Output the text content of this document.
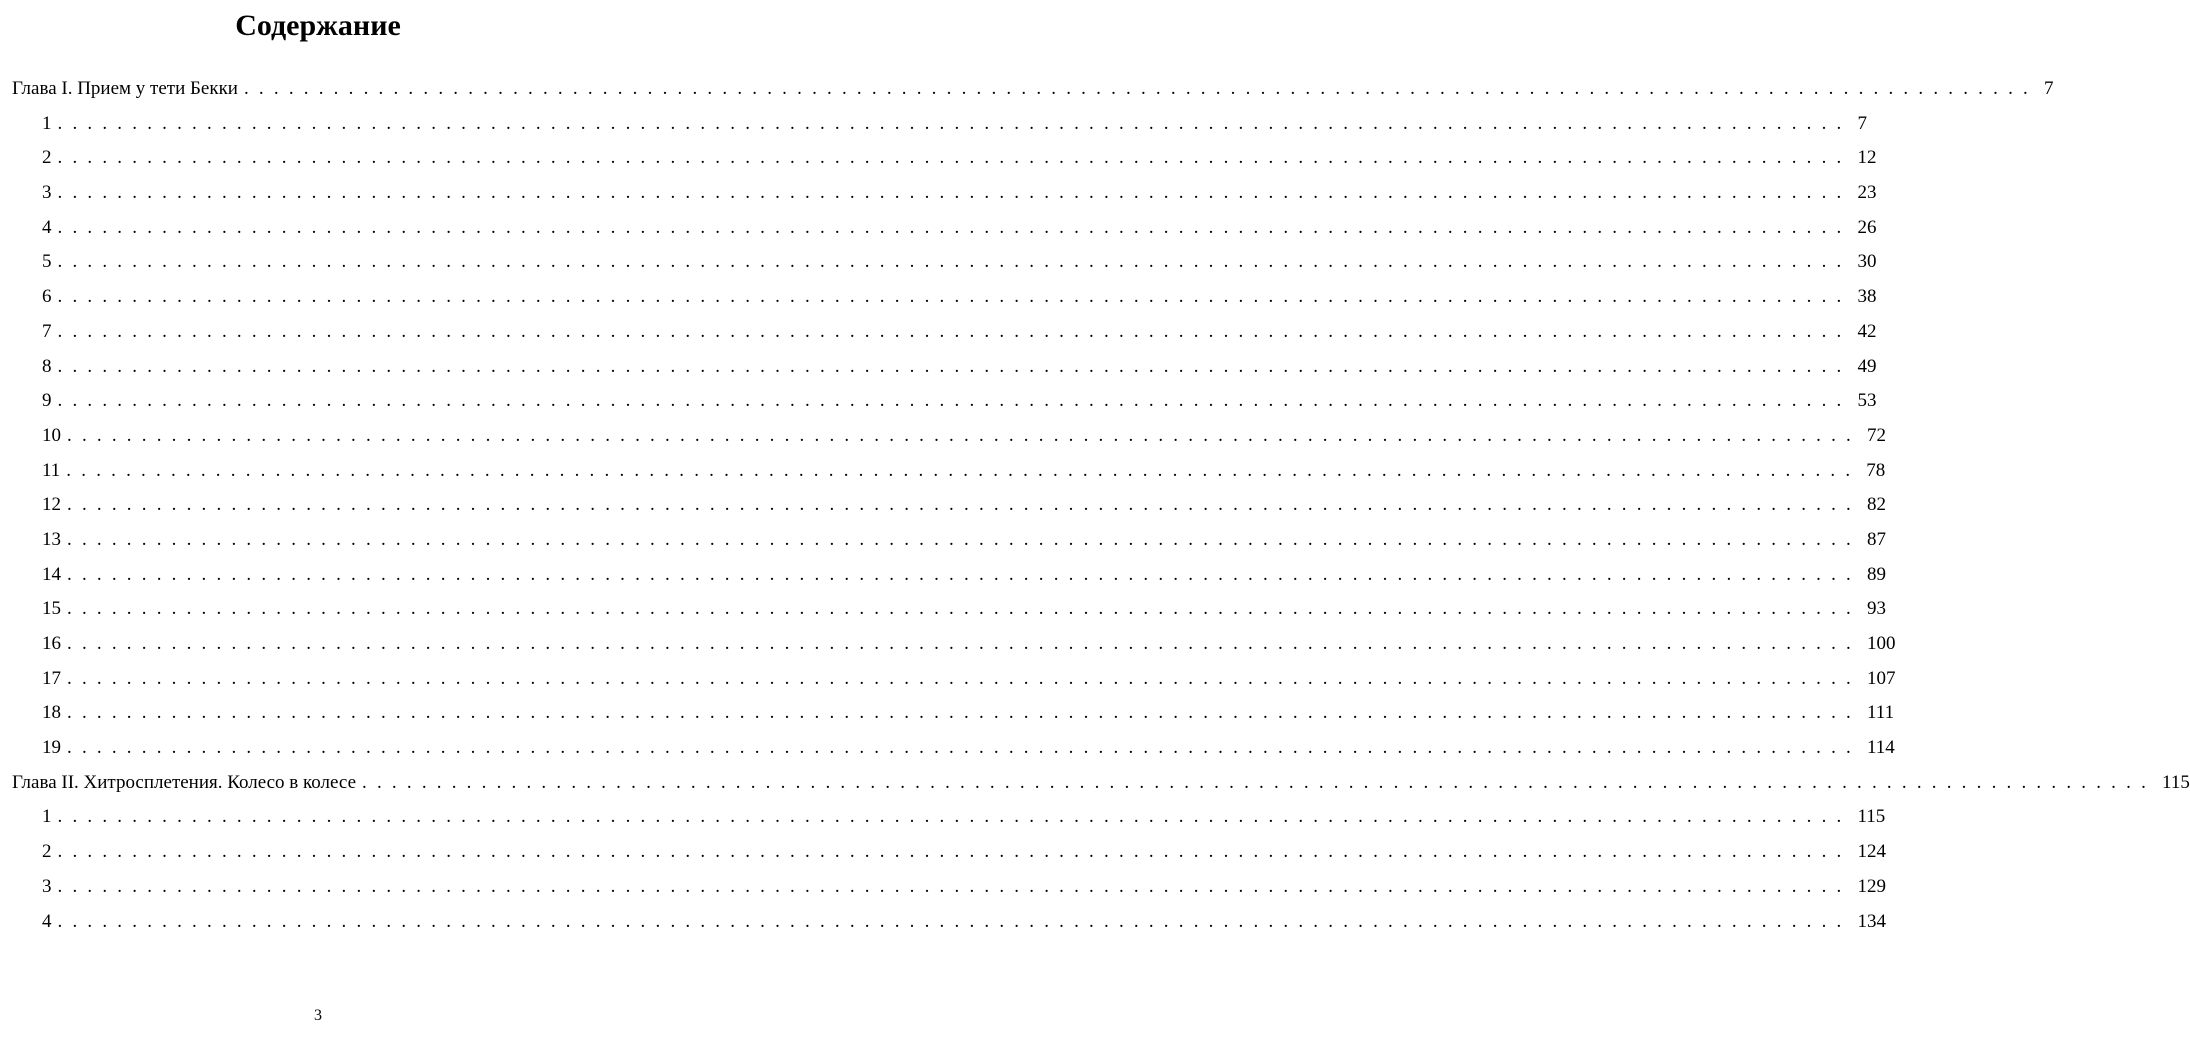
Содержание
Глава I. Прием у тети Бекки ........................................................................................................................ 7
1 ........................................................................................................................ 7
2 ........................................................................................................................ 12
3 ........................................................................................................................ 23
4 ........................................................................................................................ 26
5 ........................................................................................................................ 30
6 ........................................................................................................................ 38
7 ........................................................................................................................ 42
8 ........................................................................................................................ 49
9 ........................................................................................................................ 53
10 ........................................................................................................................ 72
11 ........................................................................................................................ 78
12 ........................................................................................................................ 82
13 ........................................................................................................................ 87
14 ........................................................................................................................ 89
15 ........................................................................................................................ 93
16 ........................................................................................................................ 100
17 ........................................................................................................................ 107
18 ........................................................................................................................ 111
19 ........................................................................................................................ 114
Глава II. Хитросплетения. Колесо в колесе ........................................................................................................................ 115
1 ........................................................................................................................ 115
2 ........................................................................................................................ 124
3 ........................................................................................................................ 129
4 ........................................................................................................................ 134
3
